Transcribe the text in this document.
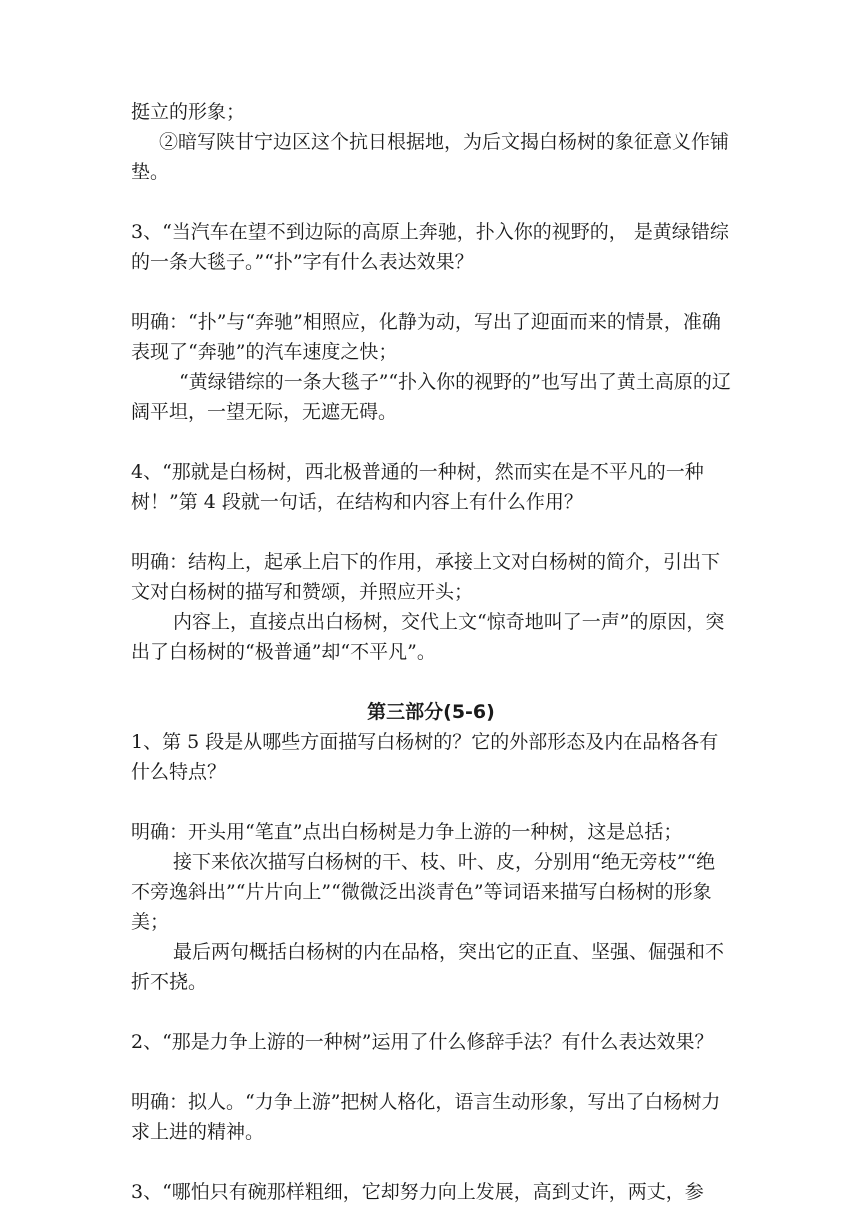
挺立的形象；

②暗写陕甘宁边区这个抗日根据地，为后文揭白杨树的象征意义作铺垫。

3、“当汽车在望不到边际的高原上奔驰，扑入你的视野的， 是黄绿错综的一条大毯子。”“扑”字有什么表达效果？

明确：“扑”与“奔驰”相照应，化静为动，写出了迎面而来的情景，准确表现了“奔驰”的汽车速度之快；

“黄绿错综的一条大毯子”“扑入你的视野的”也写出了黄土高原的辽阔平坦，一望无际，无遮无碍。

4、“那就是白杨树，西北极普通的一种树，然而实在是不平凡的一种树！”第 4 段就一句话，在结构和内容上有什么作用？

明确：结构上，起承上启下的作用，承接上文对白杨树的简介，引出下文对白杨树的描写和赞颂，并照应开头；

内容上，直接点出白杨树，交代上文“惊奇地叫了一声”的原因，突出了白杨树的“极普通”却“不平凡”。

第三部分(5-6)

1、第 5 段是从哪些方面描写白杨树的？它的外部形态及内在品格各有什么特点？

明确：开头用“笔直”点出白杨树是力争上游的一种树，这是总括；

接下来依次描写白杨树的干、枝、叶、皮，分别用“绝无旁枝”“绝不旁逸斜出”“片片向上”“微微泛出淡青色”等词语来描写白杨树的形象美；

最后两句概括白杨树的内在品格，突出它的正直、坚强、倔强和不折不挠。

2、“那是力争上游的一种树”运用了什么修辞手法？有什么表达效果？

明确：拟人。“力争上游”把树人格化，语言生动形象，写出了白杨树力求上进的精神。

3、“哪怕只有碗那样粗细，它却努力向上发展，高到丈许，两丈，参
